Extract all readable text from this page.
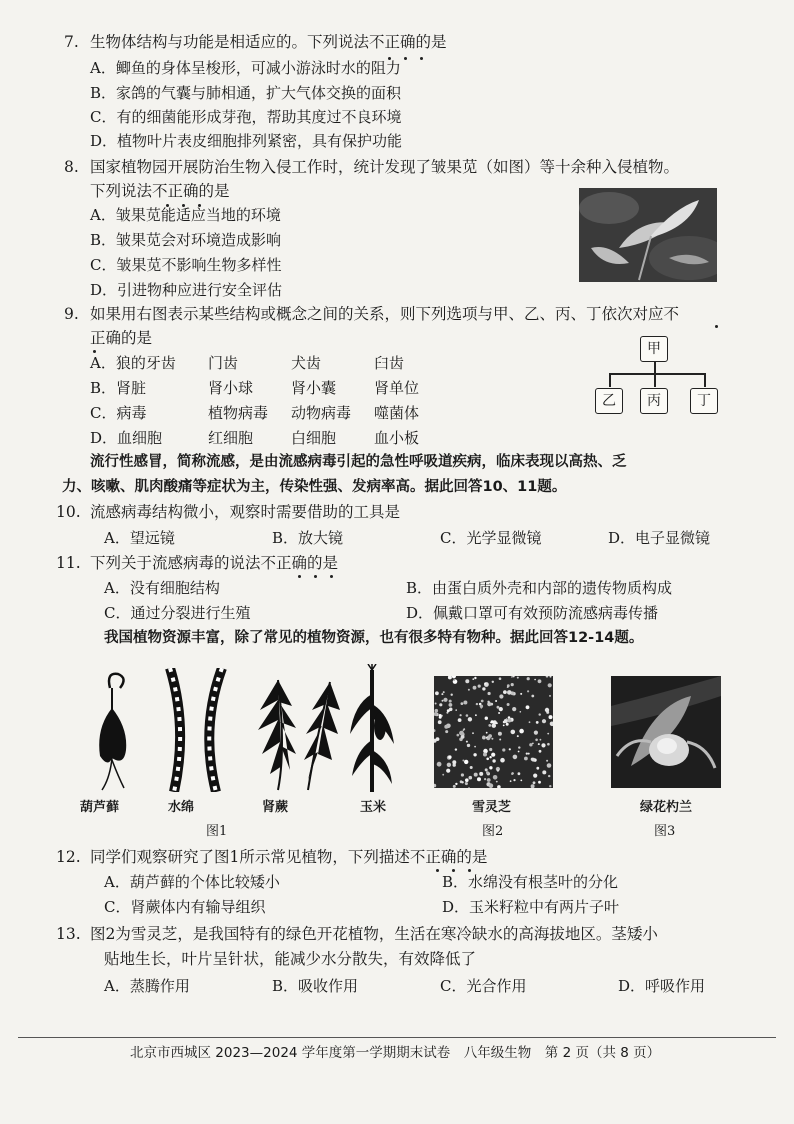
7. 生物体结构与功能是相适应的。下列说法不正确的是
A．鲫鱼的身体呈梭形，可减小游泳时水的阻力
B．家鸽的气囊与肺相通，扩大气体交换的面积
C．有的细菌能形成芽孢，帮助其度过不良环境
D．植物叶片表皮细胞排列紧密，具有保护功能
8. 国家植物园开展防治生物入侵工作时，统计发现了皱果苋（如图）等十余种入侵植物。
下列说法不正确的是
A．皱果苋能适应当地的环境
B．皱果苋会对环境造成影响
C．皱果苋不影响生物多样性
D．引进物种应进行安全评估
9. 如果用右图表示某些结构或概念之间的关系，则下列选项与甲、乙、丙、丁依次对应不
正确的是
A．狼的牙齿 门齿	犬齿	臼齿
B．肾脏	肾小球	肾小囊	肾单位
C．病毒	植物病毒 动物病毒 噬菌体
D．血细胞	红细胞	白细胞	血小板
甲
乙	丙	丁
流行性感冒，简称流感，是由流感病毒引起的急性呼吸道疾病，临床表现以高热、乏
力、咳嗽、肌肉酸痛等症状为主，传染性强、发病率高。据此回答10、11题。
10. 流感病毒结构微小，观察时需要借助的工具是
A．望远镜	B．放大镜	C．光学显微镜	D．电子显微镜
11. 下列关于流感病毒的说法不正确的是
A．没有细胞结构	B．由蛋白质外壳和内部的遗传物质构成
C．通过分裂进行生殖	D．佩戴口罩可有效预防流感病毒传播
我国植物资源丰富，除了常见的植物资源，也有很多特有物种。据此回答12-14题。
葫芦藓	水绵	肾蕨	玉米	雪灵芝	绿花杓兰
图1	图2	图3
12. 同学们观察研究了图1所示常见植物，下列描述不正确的是
A．葫芦藓的个体比较矮小	B．水绵没有根茎叶的分化
C．肾蕨体内有输导组织	D．玉米籽粒中有两片子叶
13. 图2为雪灵芝，是我国特有的绿色开花植物，生活在寒冷缺水的高海拔地区。茎矮小
贴地生长，叶片呈针状，能减少水分散失，有效降低了
A．蒸腾作用	B．吸收作用	C．光合作用	D．呼吸作用
北京市西城区 2023—2024 学年度第一学期期末试卷　八年级生物　第 2 页（共 8 页）
